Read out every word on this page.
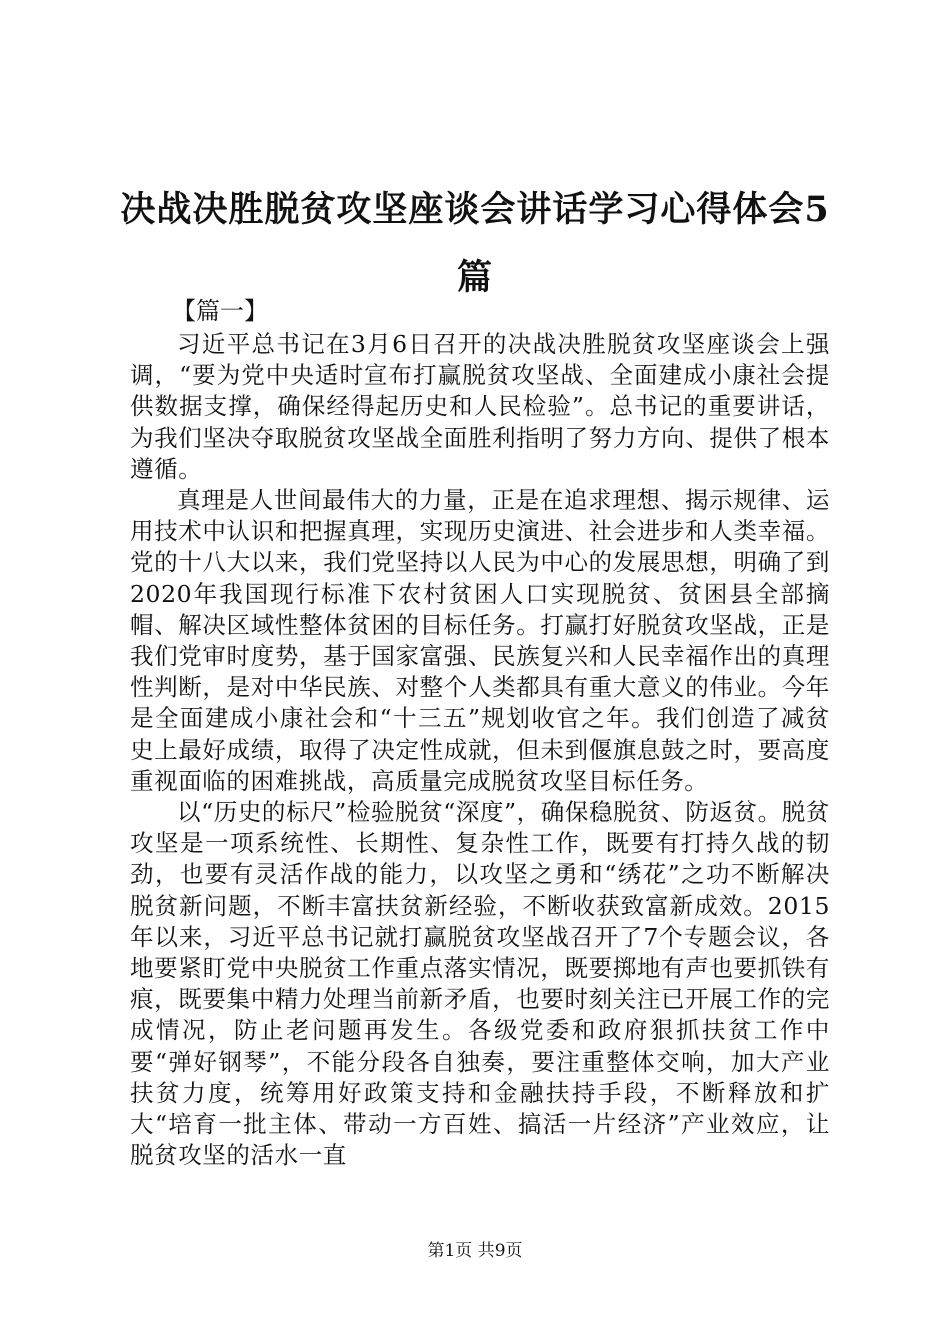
决战决胜脱贫攻坚座谈会讲话学习心得体会5篇
【篇一】

习近平总书记在3月6日召开的决战决胜脱贫攻坚座谈会上强调，“要为党中央适时宣布打赢脱贫攻坚战、全面建成小康社会提供数据支撑，确保经得起历史和人民检验”。总书记的重要讲话，为我们坚决夺取脱贫攻坚战全面胜利指明了努力方向、提供了根本遵循。

真理是人世间最伟大的力量，正是在追求理想、揭示规律、运用技术中认识和把握真理，实现历史演进、社会进步和人类幸福。党的十八大以来，我们党坚持以人民为中心的发展思想，明确了到2020年我国现行标准下农村贫困人口实现脱贫、贫困县全部摘帽、解决区域性整体贫困的目标任务。打赢打好脱贫攻坚战，正是我们党审时度势，基于国家富强、民族复兴和人民幸福作出的真理性判断，是对中华民族、对整个人类都具有重大意义的伟业。今年是全面建成小康社会和“十三五”规划收官之年。我们创造了减贫史上最好成绩，取得了决定性成就，但未到偃旗息鼓之时，要高度重视面临的困难挑战，高质量完成脱贫攻坚目标任务。

以“历史的标尺”检验脱贫“深度”，确保稳脱贫、防返贫。脱贫攻坚是一项系统性、长期性、复杂性工作，既要有打持久战的韧劲，也要有灵活作战的能力，以攻坚之勇和“绣花”之功不断解决脱贫新问题，不断丰富扶贫新经验，不断收获致富新成效。2015年以来，习近平总书记就打赢脱贫攻坚战召开了7个专题会议，各地要紧盯党中央脱贫工作重点落实情况，既要掷地有声也要抓铁有痕，既要集中精力处理当前新矛盾，也要时刻关注已开展工作的完成情况，防止老问题再发生。各级党委和政府狠抓扶贫工作中要“弹好钢琴”，不能分段各自独奏，要注重整体交响，加大产业扶贫力度，统筹用好政策支持和金融扶持手段，不断释放和扩大“培育一批主体、带动一方百姓、搞活一片经济”产业效应，让脱贫攻坚的活水一直

第1页 共9页
